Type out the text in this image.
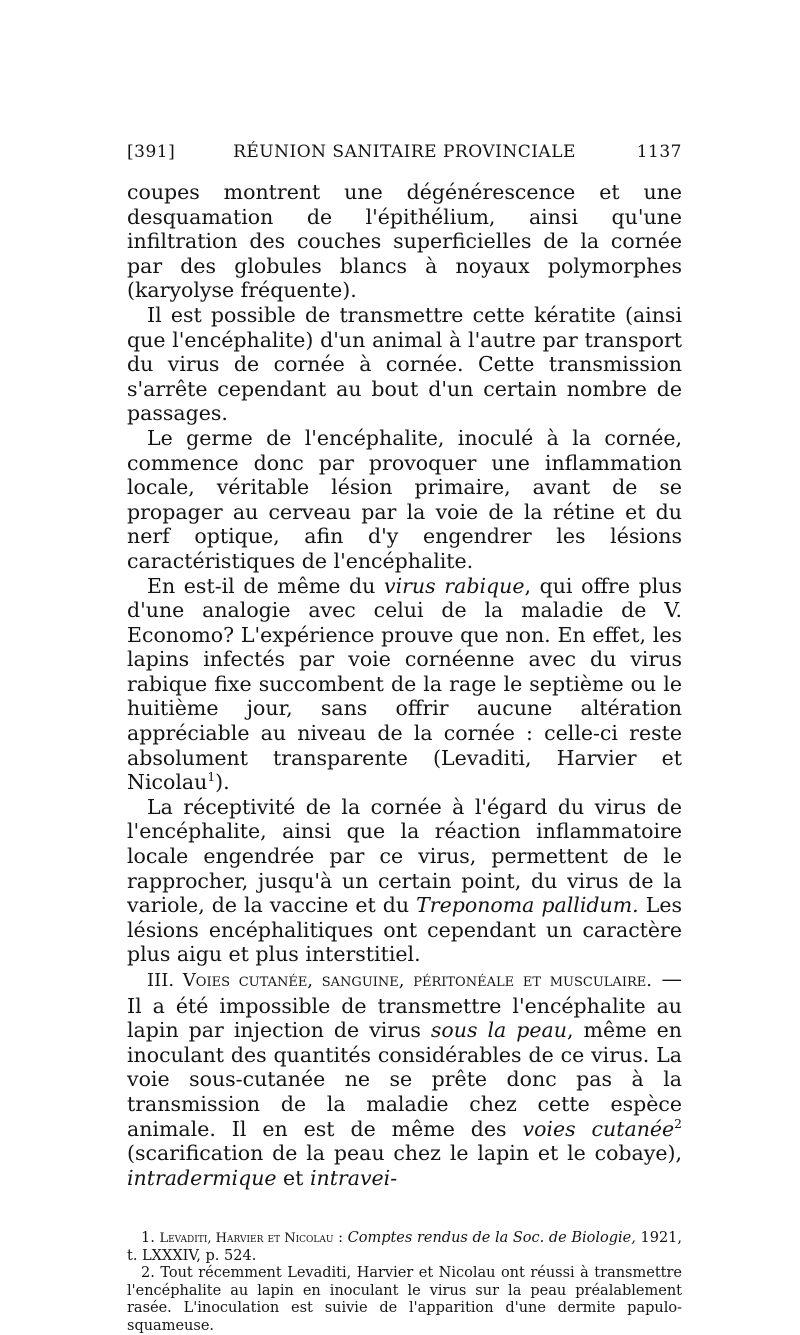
[391]	RÉUNION SANITAIRE PROVINCIALE	1137

coupes montrent une dégénérescence et une desquamation de l'épithélium, ainsi qu'une infiltration des couches superficielles de la cornée par des globules blancs à noyaux polymorphes (karyolyse fréquente).

Il est possible de transmettre cette kératite (ainsi que l'encéphalite) d'un animal à l'autre par transport du virus de cornée à cornée. Cette transmission s'arrête cependant au bout d'un certain nombre de passages.

Le germe de l'encéphalite, inoculé à la cornée, commence donc par provoquer une inflammation locale, véritable lésion primaire, avant de se propager au cerveau par la voie de la rétine et du nerf optique, afin d'y engendrer les lésions caractéristiques de l'encéphalite.

En est-il de même du virus rabique, qui offre plus d'une analogie avec celui de la maladie de V. Economo? L'expérience prouve que non. En effet, les lapins infectés par voie cornéenne avec du virus rabique fixe succombent de la rage le septième ou le huitième jour, sans offrir aucune altération appréciable au niveau de la cornée : celle-ci reste absolument transparente (Levaditi, Harvier et Nicolau$^1$).

La réceptivité de la cornée à l'égard du virus de l'encéphalite, ainsi que la réaction inflammatoire locale engendrée par ce virus, permettent de le rapprocher, jusqu'à un certain point, du virus de la variole, de la vaccine et du Treponoma pallidum. Les lésions encéphalitiques ont cependant un caractère plus aigu et plus interstitiel.

III. Voies cutanée, sanguine, péritonéale et musculaire. — Il a été impossible de transmettre l'encéphalite au lapin par injection de virus sous la peau, même en inoculant des quantités considérables de ce virus. La voie sous-cutanée ne se prête donc pas à la transmission de la maladie chez cette espèce animale. Il en est de même des voies cutanée$^2$ (scarification de la peau chez le lapin et le cobaye), intradermique et intravei-

1. Levaditi, Harvier et Nicolau : Comptes rendus de la Soc. de Biologie, 1921, t. LXXXIV, p. 524.

2. Tout récemment Levaditi, Harvier et Nicolau ont réussi à transmettre l'encéphalite au lapin en inoculant le virus sur la peau préalablement rasée. L'inoculation est suivie de l'apparition d'une dermite papulo-squameuse.
